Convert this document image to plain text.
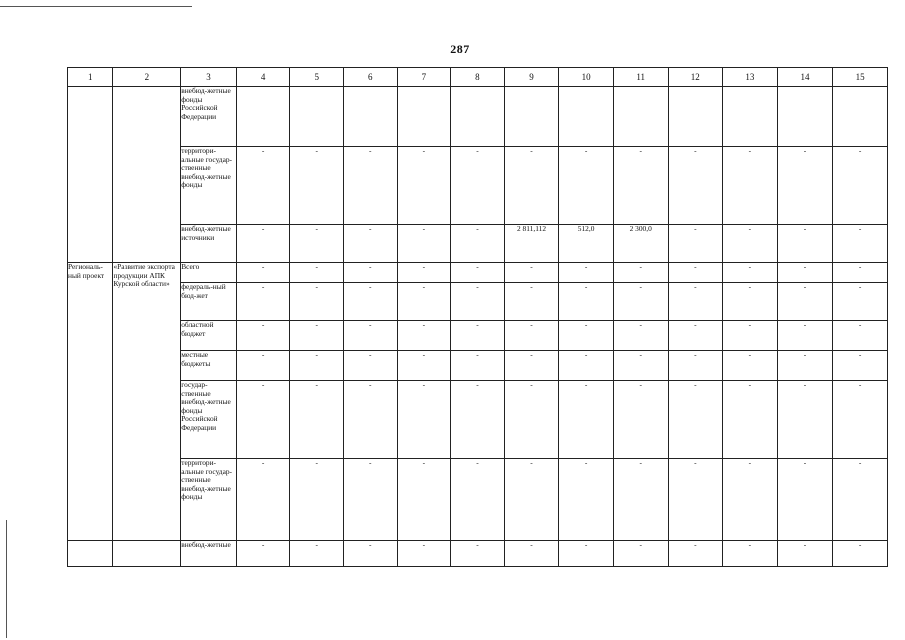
287
1	2	3	4	5	6	7	8	9	10	11	12	13	14	15
		внебюд-жетные фонды Российской Федерации												
		территори-альные государ-ственные внебюд-жетные фонды	-	-	-	-	-	-	-	-	-	-	-	-
		внебюд-жетные источники	-	-	-	-	-	2 811,112	512,0	2 300,0	-	-	-	-
Региональ-ный проект	«Развитие экспорта продукции АПК Курской области»	Всего	-	-	-	-	-	-	-	-	-	-	-	-
		федераль-ный бюд-жет	-	-	-	-	-	-	-	-	-	-	-	-
		областной бюджет	-	-	-	-	-	-	-	-	-	-	-	-
		местные бюджеты	-	-	-	-	-	-	-	-	-	-	-	-
		государ-ственные внебюд-жетные фонды Российской Федерации	-	-	-	-	-	-	-	-	-	-	-	-
		территори-альные государ-ственные внебюд-жетные фонды	-	-	-	-	-	-	-	-	-	-	-	-
		внебюд-жетные	-	-	-	-	-	-	-	-	-	-	-	-
